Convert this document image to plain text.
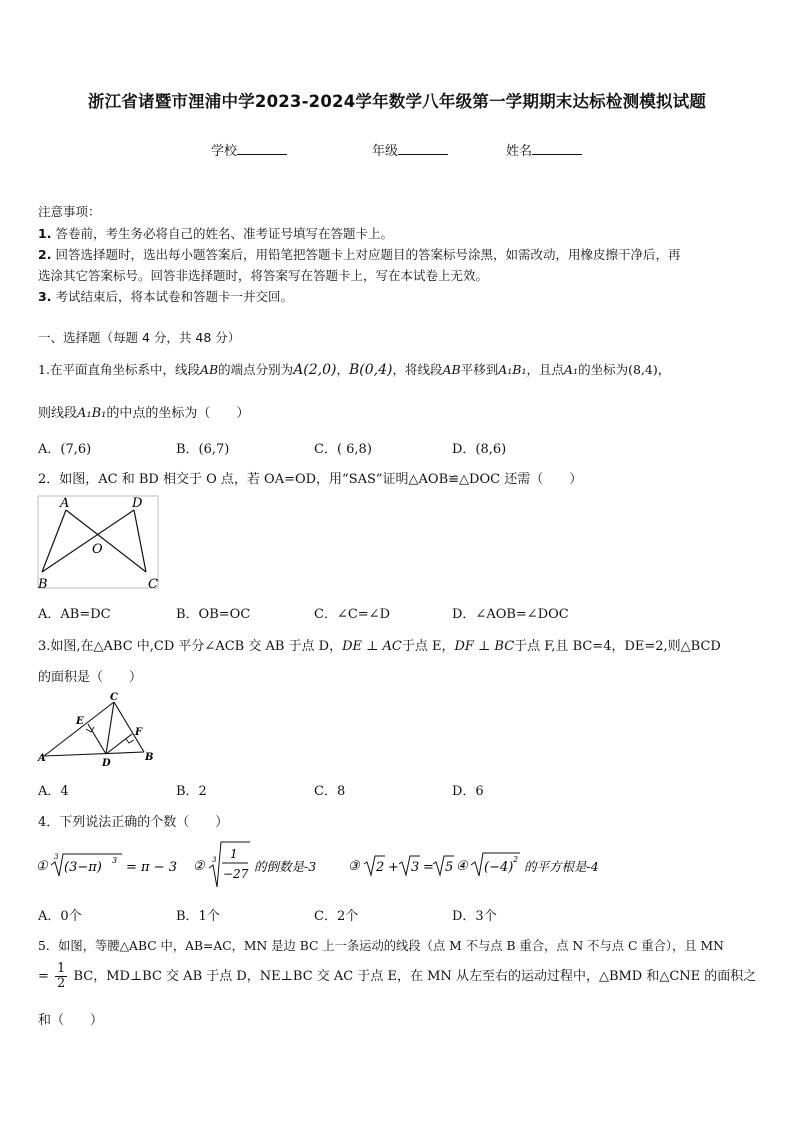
浙江省诸暨市浬浦中学2023-2024学年数学八年级第一学期期末达标检测模拟试题
学校	年级	姓名
注意事项：
1. 答卷前，考生务必将自己的姓名、准考证号填写在答题卡上。
2. 回答选择题时，选出每小题答案后，用铅笔把答题卡上对应题目的答案标号涂黑，如需改动，用橡皮擦干净后，再
选涂其它答案标号。回答非选择题时，将答案写在答题卡上，写在本试卷上无效。
3. 考试结束后，将本试卷和答题卡一并交回。
一、选择题（每题 4 分，共 48 分）
1.在平面直角坐标系中，线段AB的端点分别为A(2,0)，B(0,4)，将线段AB平移到A₁B₁，且点A₁的坐标为(8,4)，
则线段A₁B₁的中点的坐标为（　　）
A．(7,6)	B．(6,7)	C．( 6,8)	D．(8,6)
2．如图，AC 和 BD 相交于 O 点，若 OA=OD，用“SAS”证明△AOB≌△DOC 还需（　　）
A	D
O
B	C
A．AB=DC	B．OB=OC	C．∠C=∠D	D．∠AOB=∠DOC
3.如图,在△ABC 中,CD 平分∠ACB 交 AB 于点 D，DE ⊥ AC于点 E，DF ⊥ BC于点 F,且 BC=4，DE=2,则△BCD
的面积是（　　）
C
E
F
A	D
B
A．4	B．2	C．8	D．6
4．下列说法正确的个数（　　）
①
3
(3−π) 3 = π − 3 ② 3 1
−27 的倒数是-3 ③ 2 + 3 = 5 ④ (−4)
2 的平方根是-4
A．0个	B．1个	C．2个	D．3个
5．如图，等腰△ABC 中，AB=AC，MN 是边 BC 上一条运动的线段（点 M 不与点 B 重合，点 N 不与点 C 重合），且 MN
= $\frac{1}{2}$ BC，MD⊥BC 交 AB 于点 D，NE⊥BC 交 AC 于点 E，在 MN 从左至右的运动过程中，△BMD 和△CNE 的面积之
和（　　）
